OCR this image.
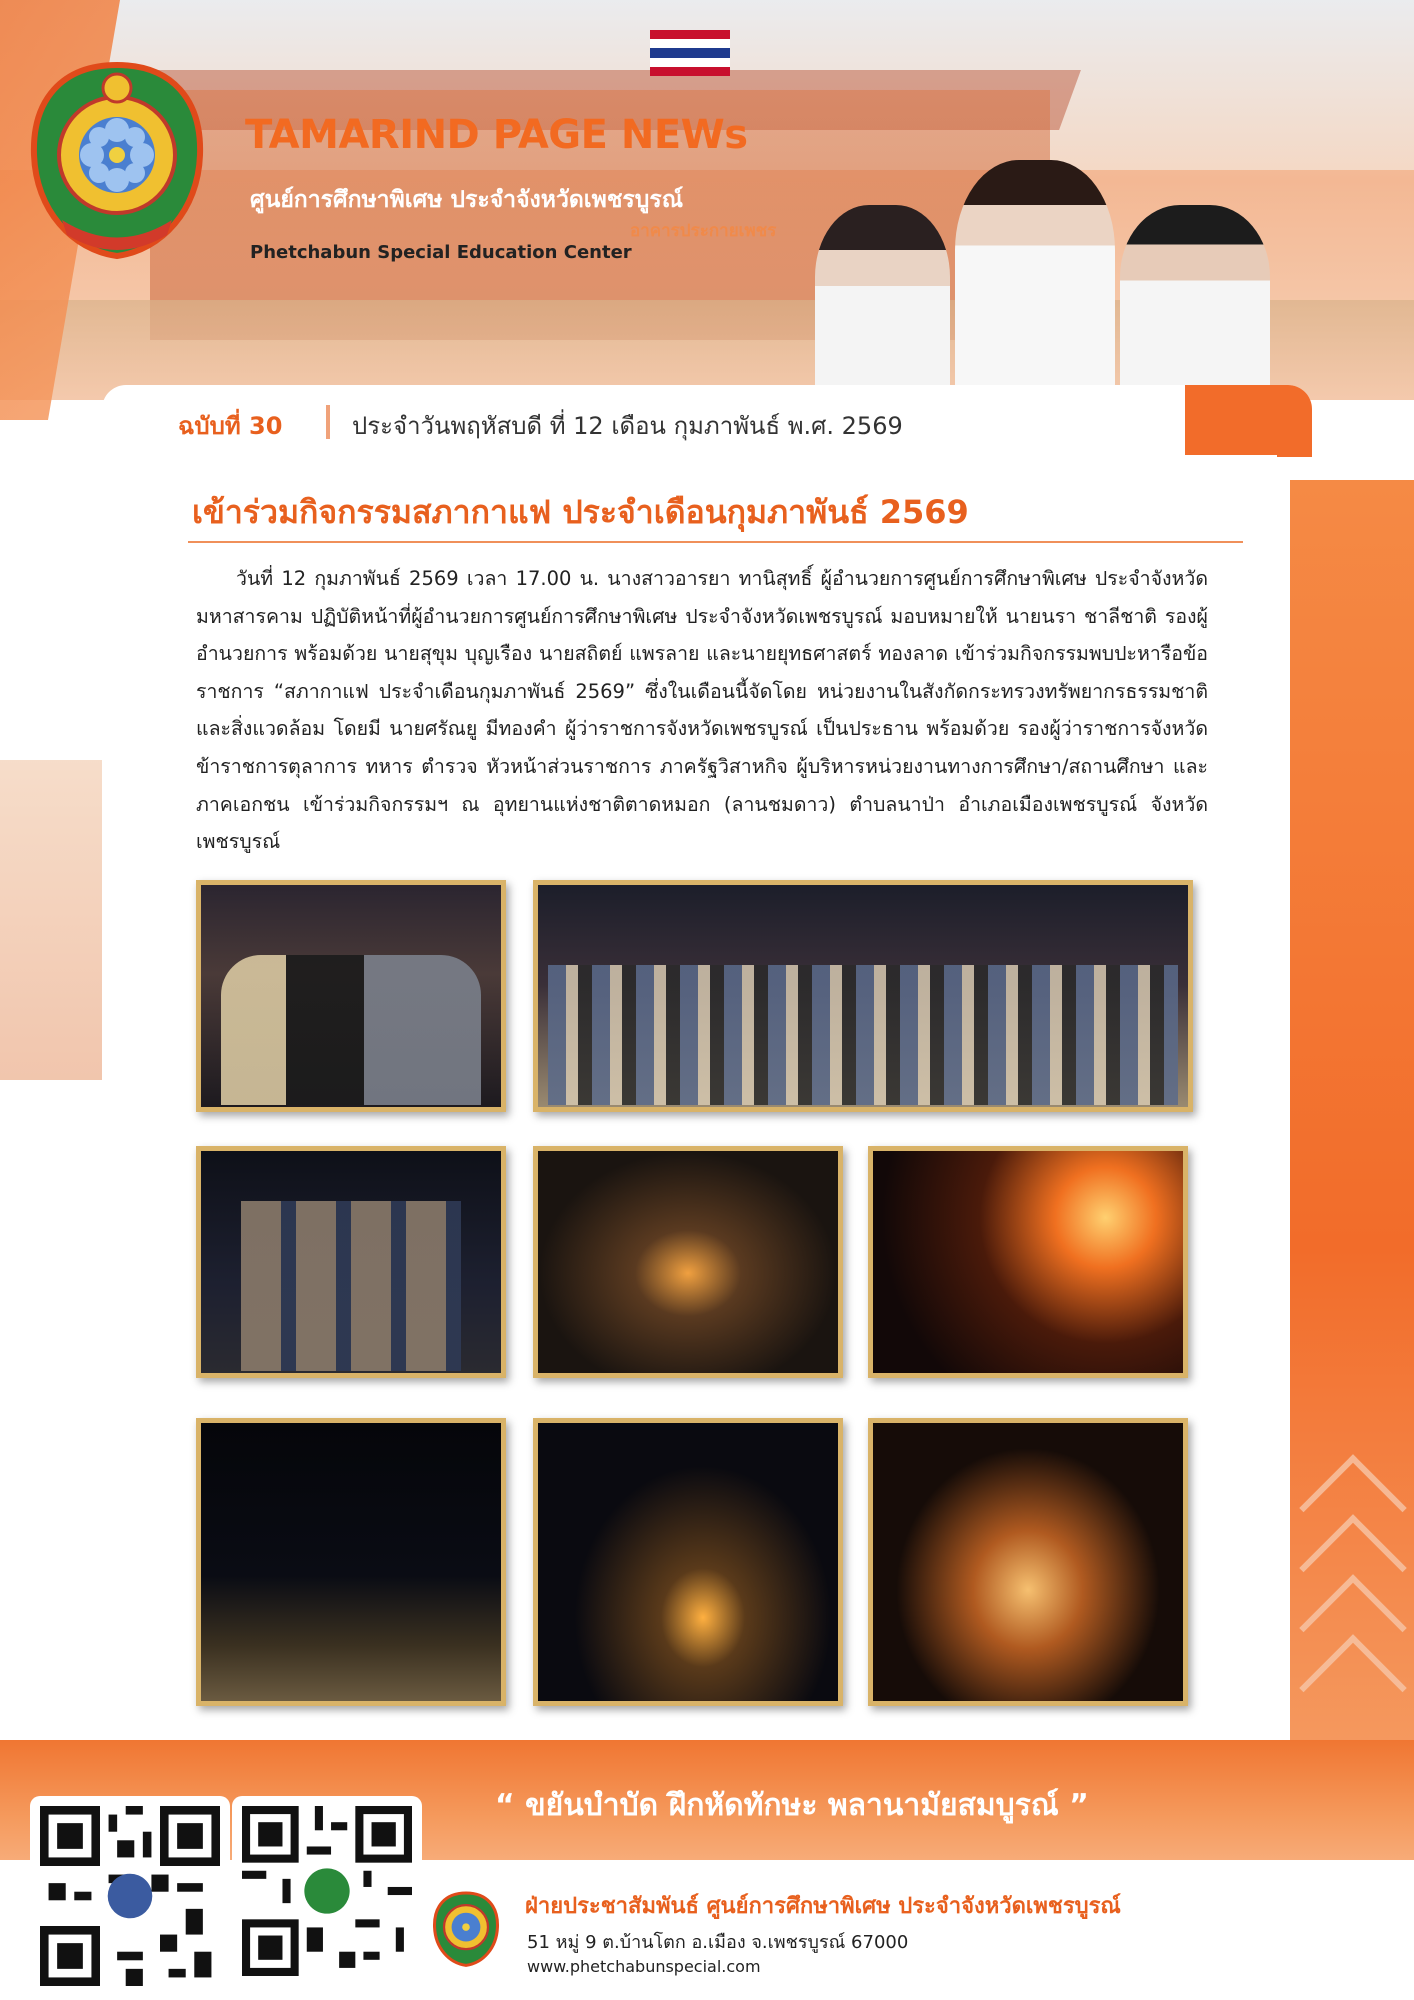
TAMARIND PAGE NEWs
ศูนย์การศึกษาพิเศษ ประจำจังหวัดเพชรบูรณ์
อาคารประกายเพชร
Phetchabun Special Education Center
ฉบับที่ 30	ประจำวันพฤหัสบดี ที่ 12 เดือน กุมภาพันธ์ พ.ศ. 2569
เข้าร่วมกิจกรรมสภากาแฟ ประจำเดือนกุมภาพันธ์ 2569
วันที่ 12 กุมภาพันธ์ 2569 เวลา 17.00 น. นางสาวอารยา ทานิสุทธิ์ ผู้อำนวยการศูนย์การศึกษาพิเศษ ประจำจังหวัดมหาสารคาม ปฏิบัติหน้าที่ผู้อำนวยการศูนย์การศึกษาพิเศษ ประจำจังหวัดเพชรบูรณ์ มอบหมายให้ นายนรา ชาลีชาติ รองผู้อำนวยการ พร้อมด้วย นายสุขุม บุญเรือง นายสถิตย์ แพรลาย และนายยุทธศาสตร์ ทองลาด เข้าร่วมกิจกรรมพบปะหารือข้อราชการ “สภากาแฟ ประจำเดือนกุมภาพันธ์ 2569” ซึ่งในเดือนนี้จัดโดย หน่วยงานในสังกัดกระทรวงทรัพยากรธรรมชาติและสิ่งแวดล้อม โดยมี นายศรัณยู มีทองคำ ผู้ว่าราชการจังหวัดเพชรบูรณ์ เป็นประธาน พร้อมด้วย รองผู้ว่าราชการจังหวัด ข้าราชการตุลาการ ทหาร ตำรวจ หัวหน้าส่วนราชการ ภาครัฐวิสาหกิจ ผู้บริหารหน่วยงานทางการศึกษา/สถานศึกษา และภาคเอกชน เข้าร่วมกิจกรรมฯ ณ อุทยานแห่งชาติตาดหมอก (ลานชมดาว) ตำบลนาป่า อำเภอเมืองเพชรบูรณ์ จังหวัดเพชรบูรณ์
“ ขยันบำบัด ฝึกหัดทักษะ พลานามัยสมบูรณ์ ”
ฝ่ายประชาสัมพันธ์ ศูนย์การศึกษาพิเศษ ประจำจังหวัดเพชรบูรณ์
51 หมู่ 9 ต.บ้านโตก อ.เมือง จ.เพชรบูรณ์ 67000
www.phetchabunspecial.com
